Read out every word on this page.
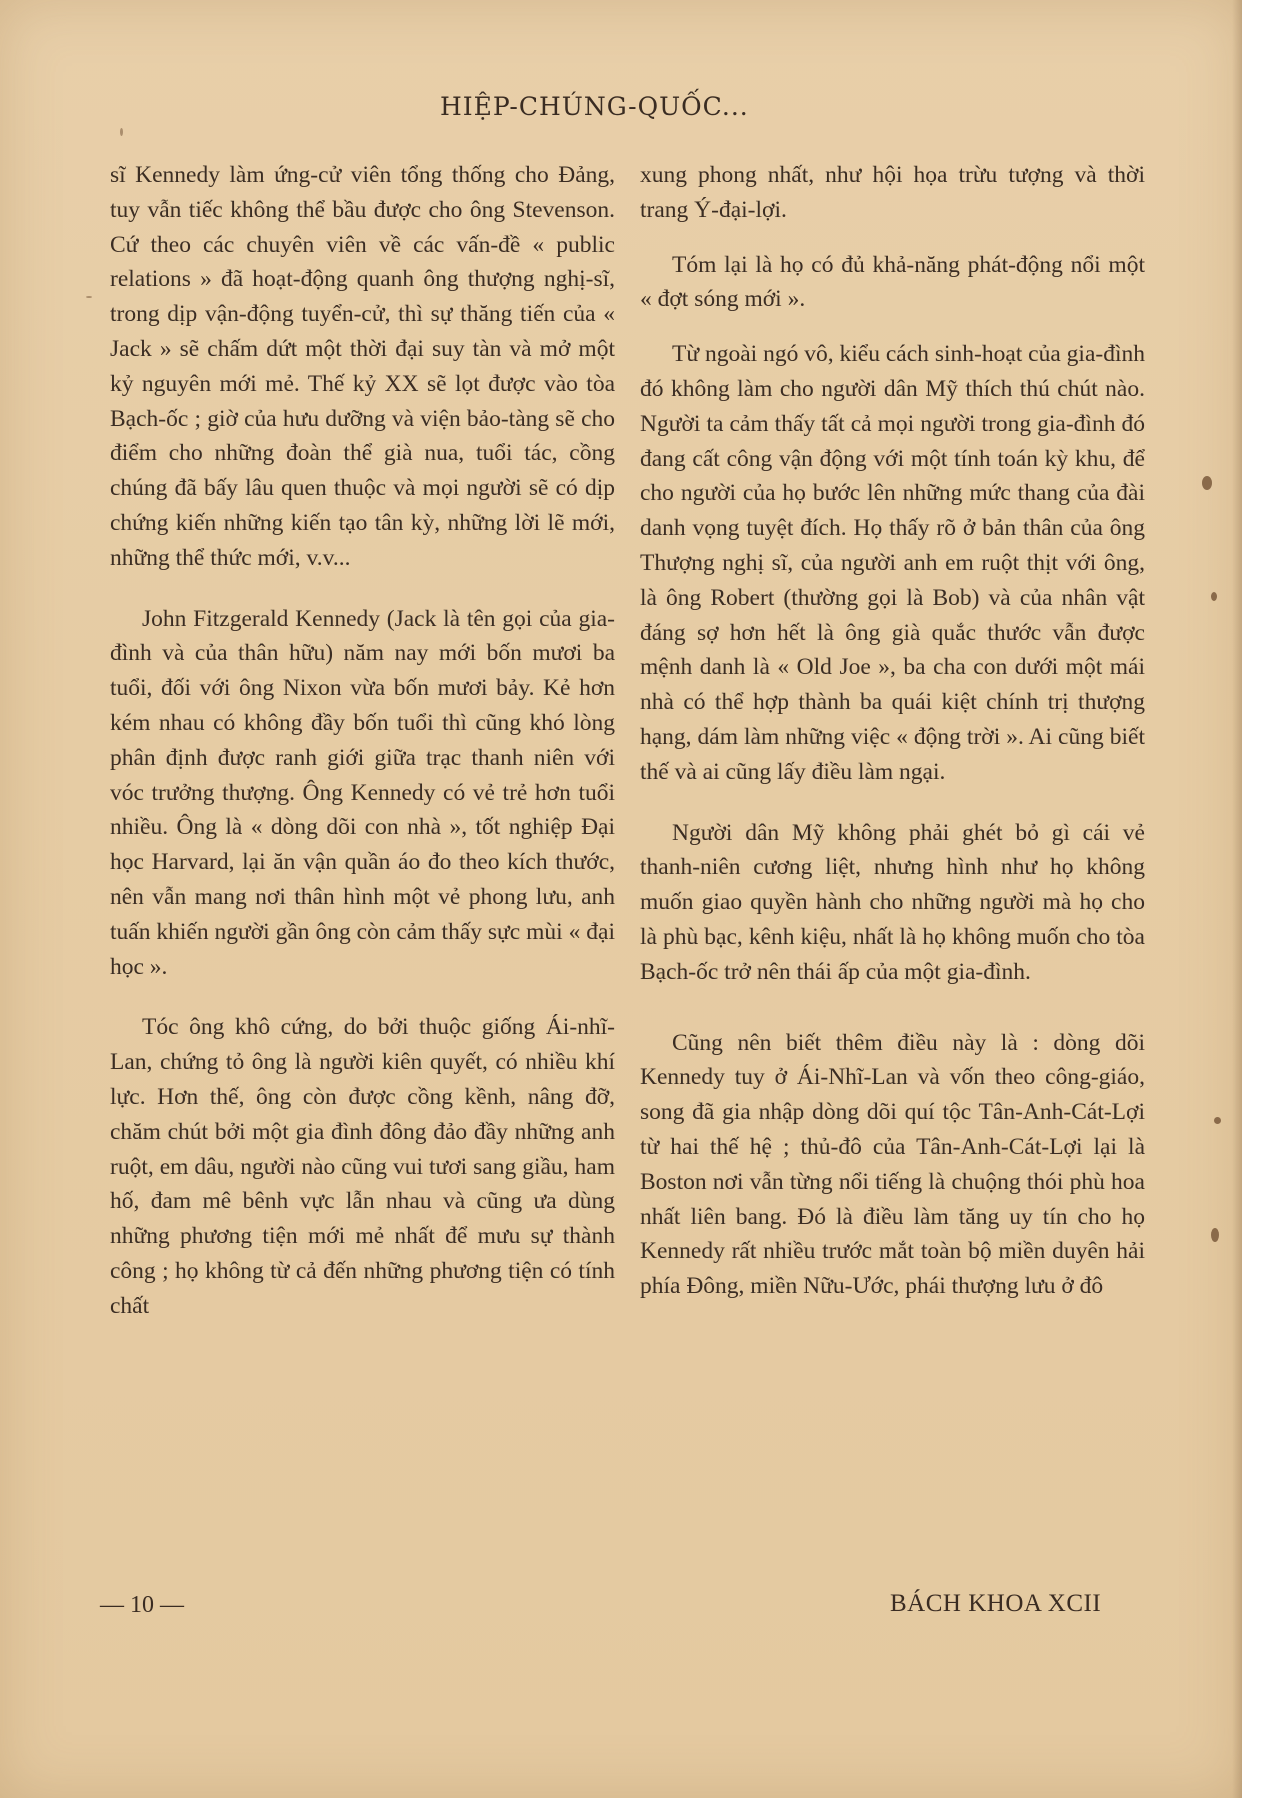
HIỆP-CHÚNG-QUỐC...

sĩ Kennedy làm ứng-cử viên tổng thống cho Đảng, tuy vẫn tiếc không thể bầu được cho ông Stevenson. Cứ theo các chuyên viên về các vấn-đề « public relations » đã hoạt-động quanh ông thượng nghị-sĩ, trong dịp vận-động tuyển-cử, thì sự thăng tiến của « Jack » sẽ chấm dứt một thời đại suy tàn và mở một kỷ nguyên mới mẻ. Thế kỷ XX sẽ lọt được vào tòa Bạch-ốc ; giờ của hưu dưỡng và viện bảo-tàng sẽ cho điểm cho những đoàn thể già nua, tuổi tác, cồng chúng đã bấy lâu quen thuộc và mọi người sẽ có dịp chứng kiến những kiến tạo tân kỳ, những lời lẽ mới, những thể thức mới, v.v...

John Fitzgerald Kennedy (Jack là tên gọi của gia-đình và của thân hữu) năm nay mới bốn mươi ba tuổi, đối với ông Nixon vừa bốn mươi bảy. Kẻ hơn kém nhau có không đầy bốn tuổi thì cũng khó lòng phân định được ranh giới giữa trạc thanh niên với vóc trưởng thượng. Ông Kennedy có vẻ trẻ hơn tuổi nhiều. Ông là « dòng dõi con nhà », tốt nghiệp Đại học Harvard, lại ăn vận quần áo đo theo kích thước, nên vẫn mang nơi thân hình một vẻ phong lưu, anh tuấn khiến người gần ông còn cảm thấy sực mùi « đại học ».

Tóc ông khô cứng, do bởi thuộc giống Ái-nhĩ-Lan, chứng tỏ ông là người kiên quyết, có nhiều khí lực. Hơn thế, ông còn được cồng kềnh, nâng đỡ, chăm chút bởi một gia đình đông đảo đầy những anh ruột, em dâu, người nào cũng vui tươi sang giầu, ham hố, đam mê bênh vực lẫn nhau và cũng ưa dùng những phương tiện mới mẻ nhất để mưu sự thành công ; họ không từ cả đến những phương tiện có tính chất

xung phong nhất, như hội họa trừu tượng và thời trang Ý-đại-lợi.

Tóm lại là họ có đủ khả-năng phát-động nổi một « đợt sóng mới ».

Từ ngoài ngó vô, kiểu cách sinh-hoạt của gia-đình đó không làm cho người dân Mỹ thích thú chút nào. Người ta cảm thấy tất cả mọi người trong gia-đình đó đang cất công vận động với một tính toán kỳ khu, để cho người của họ bước lên những mức thang của đài danh vọng tuyệt đích. Họ thấy rõ ở bản thân của ông Thượng nghị sĩ, của người anh em ruột thịt với ông, là ông Robert (thường gọi là Bob) và của nhân vật đáng sợ hơn hết là ông già quắc thước vẫn được mệnh danh là « Old Joe », ba cha con dưới một mái nhà có thể hợp thành ba quái kiệt chính trị thượng hạng, dám làm những việc « động trời ». Ai cũng biết thế và ai cũng lấy điều làm ngại.

Người dân Mỹ không phải ghét bỏ gì cái vẻ thanh-niên cương liệt, nhưng hình như họ không muốn giao quyền hành cho những người mà họ cho là phù bạc, kênh kiệu, nhất là họ không muốn cho tòa Bạch-ốc trở nên thái ấp của một gia-đình.

Cũng nên biết thêm điều này là : dòng dõi Kennedy tuy ở Ái-Nhĩ-Lan và vốn theo công-giáo, song đã gia nhập dòng dõi quí tộc Tân-Anh-Cát-Lợi từ hai thế hệ ; thủ-đô của Tân-Anh-Cát-Lợi lại là Boston nơi vẫn từng nổi tiếng là chuộng thói phù hoa nhất liên bang. Đó là điều làm tăng uy tín cho họ Kennedy rất nhiều trước mắt toàn bộ miền duyên hải phía Đông, miền Nữu-Ước, phái thượng lưu ở đô

— 10 —	BÁCH KHOA XCII
